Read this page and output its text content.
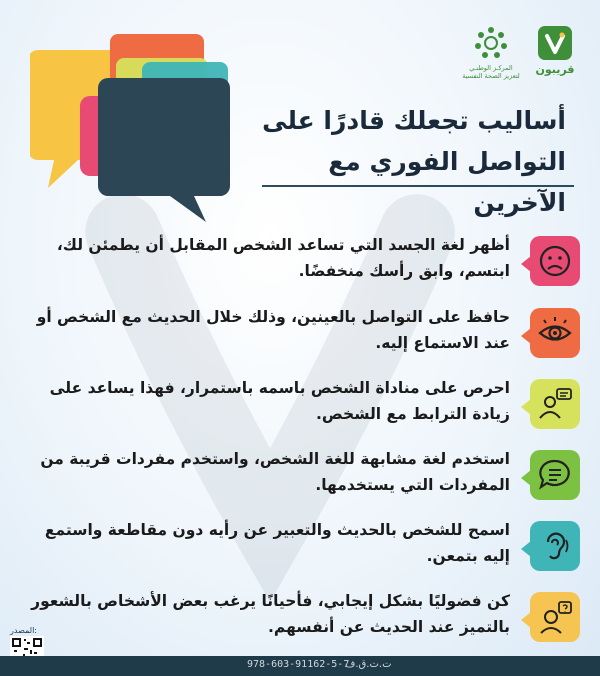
قريبون
المركـز الوطنـي
لتعزيز الصحة النفسية
أساليب تجعلك قادرًا على
التواصل الفوري مع الآخرين
أظهر لغة الجسد التي تساعد الشخص المقابل أن يطمئن لك، ابتسم، وابق رأسك منخفضًا.
حافظ على التواصل بالعينين، وذلك خلال الحديث مع الشخص أو عند الاستماع إليه.
احرص على مناداة الشخص باسمه باستمرار، فهذا يساعد على زيادة الترابط مع الشخص.
استخدم لغة مشابهة للغة الشخص، واستخدم مفردات قريبة من المفردات التي يستخدمها.
اسمح للشخص بالحديث والتعبير عن رأيه دون مقاطعة واستمع إليه بتمعن.
كن فضوليًا بشكل إيجابي، فأحيانًا يرغب بعض الأشخاص بالشعور بالتميز عند الحديث عن أنفسهم.
المصدر:
978-603-91162-5-7
ت.ت.ق.ف
